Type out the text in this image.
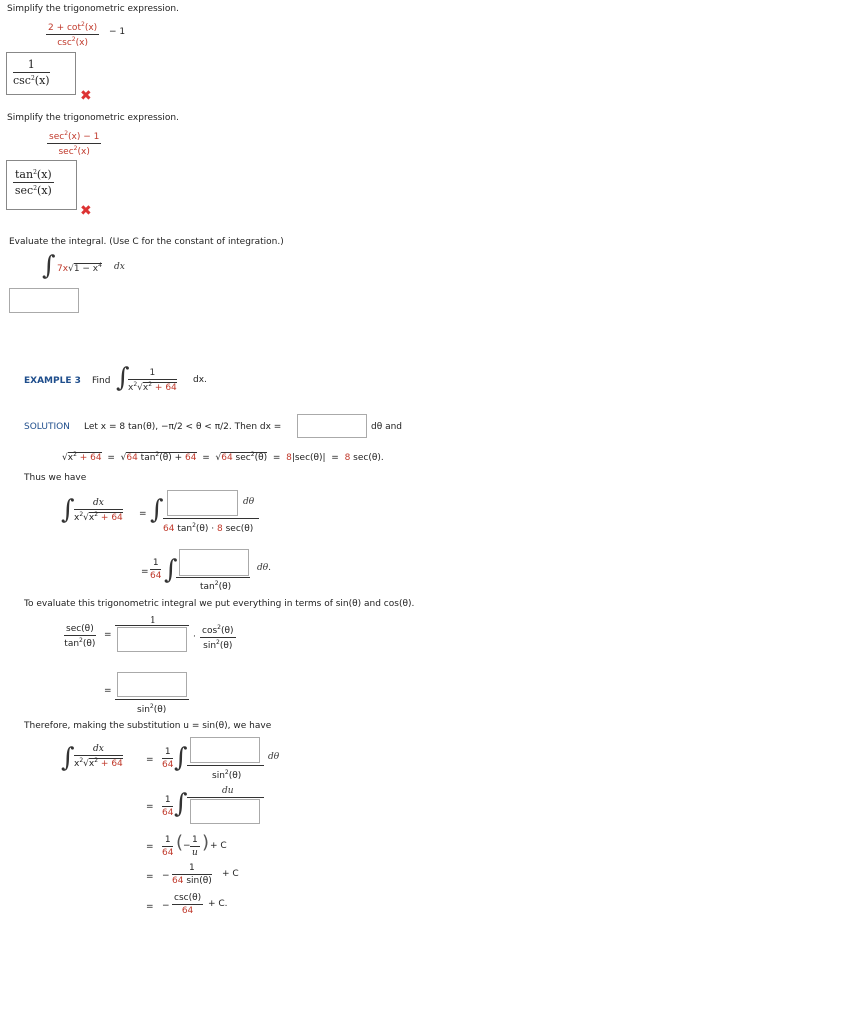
Simplify the trigonometric expression.
$2 + \cot^2(x)$
$\csc^2(x)$
− 1
1
$\csc^2(x)$
✖
Simplify the trigonometric expression.
$\sec^2(x) - 1$
$\sec^2(x)$
$\tan^2(x)$
$\sec^2(x)$
✖
Evaluate the integral. (Use C for the constant of integration.)
∫ $7x√1 - x^4$ dx
EXAMPLE 3 Find ∫
$\frac{1}{x^2√x^2 + 64}$ dx.
SOLUTION Let x = 8 tan(θ), −π/2 < θ < π/2. Then dx =	dθ and
$√x^2 + 64 = √64$ $\tan^2(\theta) + 64 = √64$ $\sec^2(\theta) = 8|\sec(\theta)| = 8$ sec(θ).
Thus we have
∫ $\frac{dx}{x^2√x^2 + 64}$ = ∫	dθ
64 $\tan^2(\theta) \cdot 8$ sec(θ)
= $\frac{1}{64}$ ∫	dθ.
$\tan^2(\theta)$
To evaluate this trigonometric integral we put everything in terms of sin(θ) and cos(θ).
sec(θ)
$\tan^2(\theta)$
=
1
· $\frac{\cos^2(\theta)}{\sin^2(\theta)}$
=
$\sin^2(\theta)$
Therefore, making the substitution u = sin(θ), we have
∫ $\frac{dx}{x^2√x^2 + 64}$	= $\frac{1}{64}$ ∫	dθ
$\sin^2(\theta)$
= $\frac{1}{64}$ ∫	du
= $\frac{1}{64}$ ( − $\frac{1}{u}$ ) + C
= − $\frac{1}{64 \sin(\theta)} + C$
= −
csc(θ)
64
+ C.
